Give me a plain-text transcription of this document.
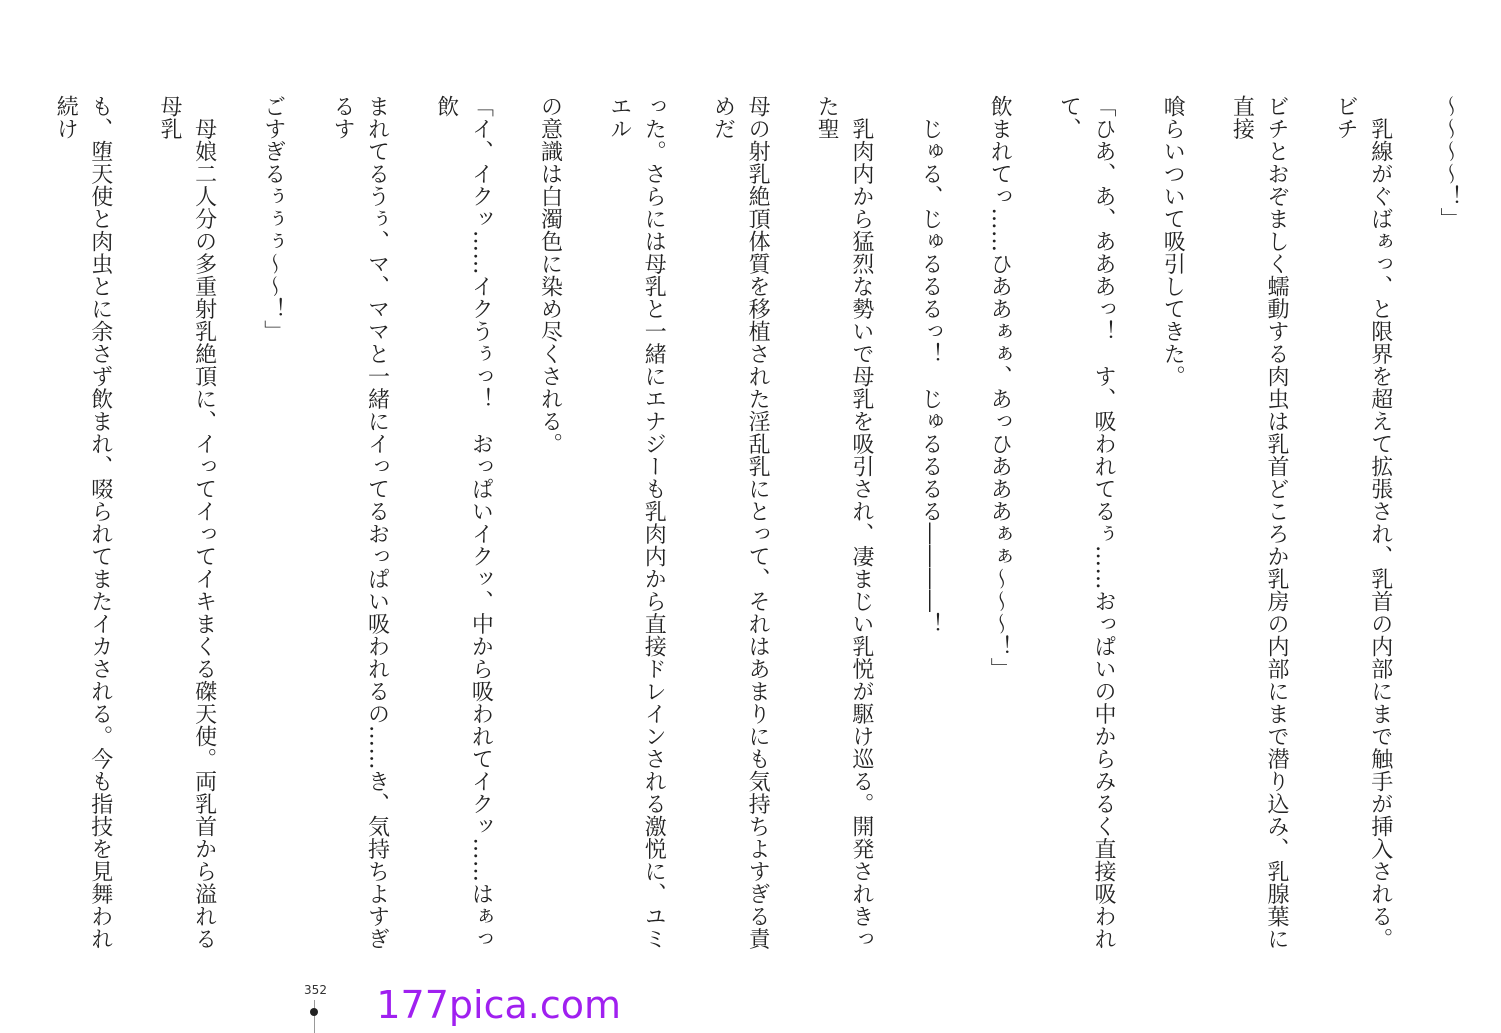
～～～～！」

　乳線がぐばぁっ、と限界を超えて拡張され、乳首の内部にまで触手が挿入される。ビチ

ビチとおぞましく蠕動する肉虫は乳首どころか乳房の内部にまで潜り込み、乳腺葉に直接

喰らいついて吸引してきた。

「ひあ、あ、あああっ！　す、吸われてるぅ……おっぱいの中からみるく直接吸われて、

飲まれてっ……ひああぁぁ、あっひあああぁぁ～～～！」

　じゅる、じゅるるるっ！　じゅるるるる――――！

　乳肉内から猛烈な勢いで母乳を吸引され、凄まじい乳悦が駆け巡る。開発されきった聖

母の射乳絶頂体質を移植された淫乱乳にとって、それはあまりにも気持ちよすぎる責めだ

った。さらには母乳と一緒にエナジーも乳肉内から直接ドレインされる激悦に、ユミエル

の意識は白濁色に染め尽くされる。

「イ、イクッ……イクうぅっ！　おっぱいイクッ、中から吸われてイクッ……はぁっ飲

まれてるうぅ、マ、ママと一緒にイってるおっぱい吸われるの……き、気持ちよすぎるす

ごすぎるぅぅぅ～～！」

　母娘二人分の多重射乳絶頂に、イってイってイキまくる磔天使。両乳首から溢れる母乳

も、堕天使と肉虫とに余さず飲まれ、啜られてまたイカされる。今も指技を見舞われ続け

352	177pica.com
